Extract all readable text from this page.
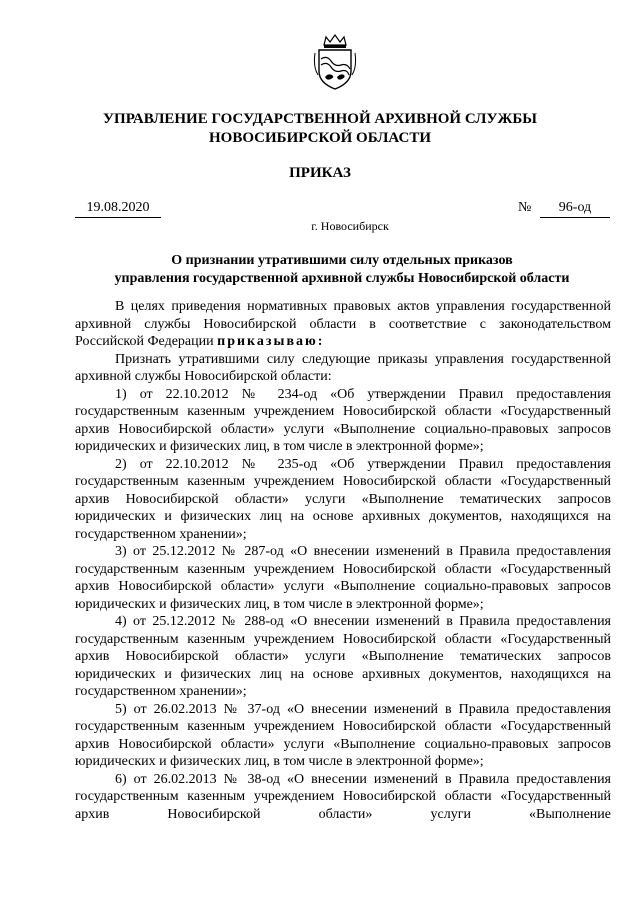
УПРАВЛЕНИЕ ГОСУДАРСТВЕННОЙ АРХИВНОЙ СЛУЖБЫ
НОВОСИБИРСКОЙ ОБЛАСТИ
ПРИКАЗ
19.08.2020	№	96-од
г. Новосибирск
О признании утратившими силу отдельных приказов
управления государственной архивной службы Новосибирской области

В целях приведения нормативных правовых актов управления государственной архивной службы Новосибирской области в соответствие с законодательством Российской Федерации приказываю:

Признать утратившими силу следующие приказы управления государственной архивной службы Новосибирской области:

1) от 22.10.2012 № 234-од «Об утверждении Правил предоставления государственным казенным учреждением Новосибирской области «Государственный архив Новосибирской области» услуги «Выполнение социально-правовых запросов юридических и физических лиц, в том числе в электронной форме»;

2) от 22.10.2012 № 235-од «Об утверждении Правил предоставления государственным казенным учреждением Новосибирской области «Государственный архив Новосибирской области» услуги «Выполнение тематических запросов юридических и физических лиц на основе архивных документов, находящихся на государственном хранении»;

3) от 25.12.2012 № 287-од «О внесении изменений в Правила предоставления государственным казенным учреждением Новосибирской области «Государственный архив Новосибирской области» услуги «Выполнение социально-правовых запросов юридических и физических лиц, в том числе в электронной форме»;

4) от 25.12.2012 № 288-од «О внесении изменений в Правила предоставления государственным казенным учреждением Новосибирской области «Государственный архив Новосибирской области» услуги «Выполнение тематических запросов юридических и физических лиц на основе архивных документов, находящихся на государственном хранении»;

5) от 26.02.2013 № 37-од «О внесении изменений в Правила предоставления государственным казенным учреждением Новосибирской области «Государственный архив Новосибирской области» услуги «Выполнение социально-правовых запросов юридических и физических лиц, в том числе в электронной форме»;

6) от 26.02.2013 № 38-од «О внесении изменений в Правила предоставления государственным казенным учреждением Новосибирской области «Государственный архив Новосибирской области» услуги «Выполнение
